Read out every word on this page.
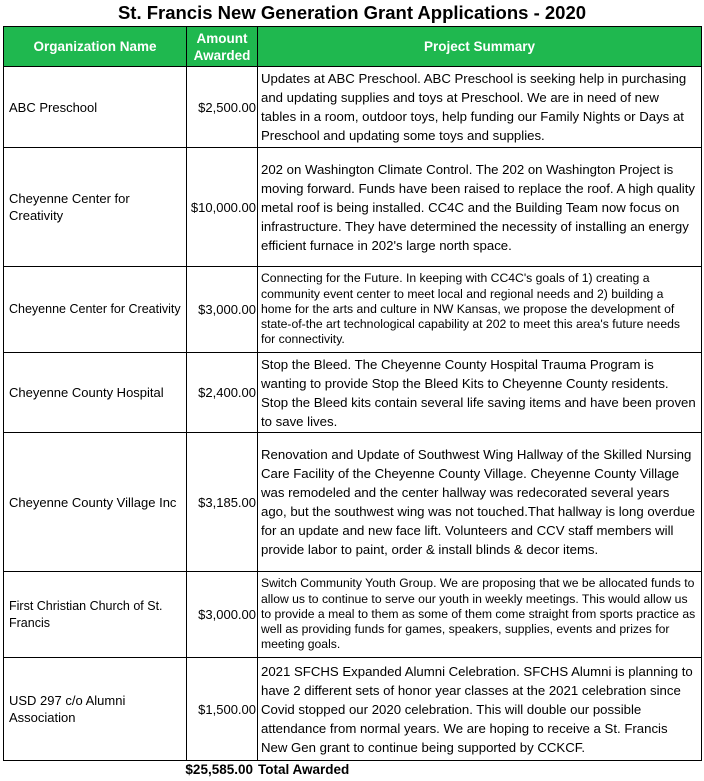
St. Francis New Generation Grant Applications - 2020
Organization Name	Amount Awarded	Project Summary
ABC Preschool	$2,500.00	Updates at ABC Preschool. ABC Preschool is seeking help in purchasing and updating supplies and toys at Preschool. We are in need of new tables in a room, outdoor toys, help funding our Family Nights or Days at Preschool and updating some toys and supplies.
Cheyenne Center for Creativity	$10,000.00	202 on Washington Climate Control. The 202 on Washington Project is moving forward. Funds have been raised to replace the roof. A high quality metal roof is being installed. CC4C and the Building Team now focus on infrastructure. They have determined the necessity of installing an energy efficient furnace in 202's large north space.
Cheyenne Center for Creativity	$3,000.00	Connecting for the Future. In keeping with CC4C's goals of 1) creating a community event center to meet local and regional needs and 2) building a home for the arts and culture in NW Kansas, we propose the development of state-of-the art technological capability at 202 to meet this area's future needs for connectivity.
Cheyenne County Hospital	$2,400.00	Stop the Bleed. The Cheyenne County Hospital Trauma Program is wanting to provide Stop the Bleed Kits to Cheyenne County residents. Stop the Bleed kits contain several life saving items and have been proven to save lives.
Cheyenne County Village Inc	$3,185.00	Renovation and Update of Southwest Wing Hallway of the Skilled Nursing Care Facility of the Cheyenne County Village. Cheyenne County Village was remodeled and the center hallway was redecorated several years ago, but the southwest wing was not touched.That hallway is long overdue for an update and new face lift. Volunteers and CCV staff members will provide labor to paint, order & install blinds & decor items.
First Christian Church of St. Francis	$3,000.00	Switch Community Youth Group. We are proposing that we be allocated funds to allow us to continue to serve our youth in weekly meetings. This would allow us to provide a meal to them as some of them come straight from sports practice as well as providing funds for games, speakers, supplies, events and prizes for meeting goals.
USD 297 c/o Alumni Association	$1,500.00	2021 SFCHS Expanded Alumni Celebration. SFCHS Alumni is planning to have 2 different sets of honor year classes at the 2021 celebration since Covid stopped our 2020 celebration. This will double our possible attendance from normal years. We are hoping to receive a St. Francis New Gen grant to continue being supported by CCKCF.
$25,585.00 Total Awarded
